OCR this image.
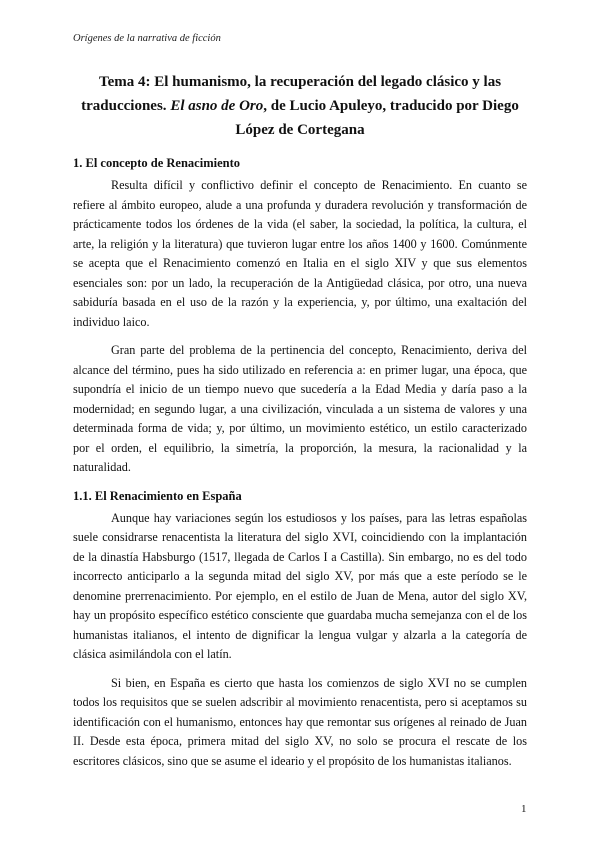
Orígenes de la narrativa de ficción
Tema 4: El humanismo, la recuperación del legado clásico y las traducciones. El asno de Oro, de Lucio Apuleyo, traducido por Diego López de Cortegana
1. El concepto de Renacimiento

Resulta difícil y conflictivo definir el concepto de Renacimiento. En cuanto se refiere al ámbito europeo, alude a una profunda y duradera revolución y transformación de prácticamente todos los órdenes de la vida (el saber, la sociedad, la política, la cultura, el arte, la religión y la literatura) que tuvieron lugar entre los años 1400 y 1600. Comúnmente se acepta que el Renacimiento comenzó en Italia en el siglo XIV y que sus elementos esenciales son: por un lado, la recuperación de la Antigüedad clásica, por otro, una nueva sabiduría basada en el uso de la razón y la experiencia, y, por último, una exaltación del individuo laico.

Gran parte del problema de la pertinencia del concepto, Renacimiento, deriva del alcance del término, pues ha sido utilizado en referencia a: en primer lugar, una época, que supondría el inicio de un tiempo nuevo que sucedería a la Edad Media y daría paso a la modernidad; en segundo lugar, a una civilización, vinculada a un sistema de valores y una determinada forma de vida; y, por último, un movimiento estético, un estilo caracterizado por el orden, el equilibrio, la simetría, la proporción, la mesura, la racionalidad y la naturalidad.

1.1. El Renacimiento en España

Aunque hay variaciones según los estudiosos y los países, para las letras españolas suele considrarse renacentista la literatura del siglo XVI, coincidiendo con la implantación de la dinastía Habsburgo (1517, llegada de Carlos I a Castilla). Sin embargo, no es del todo incorrecto anticiparlo a la segunda mitad del siglo XV, por más que a este período se le denomine prerrenacimiento. Por ejemplo, en el estilo de Juan de Mena, autor del siglo XV, hay un propósito específico estético consciente que guardaba mucha semejanza con el de los humanistas italianos, el intento de dignificar la lengua vulgar y alzarla a la categoría de clásica asimilándola con el latín.

Si bien, en España es cierto que hasta los comienzos de siglo XVI no se cumplen todos los requisitos que se suelen adscribir al movimiento renacentista, pero si aceptamos su identificación con el humanismo, entonces hay que remontar sus orígenes al reinado de Juan II. Desde esta época, primera mitad del siglo XV, no solo se procura el rescate de los escritores clásicos, sino que se asume el ideario y el propósito de los humanistas italianos.

1
